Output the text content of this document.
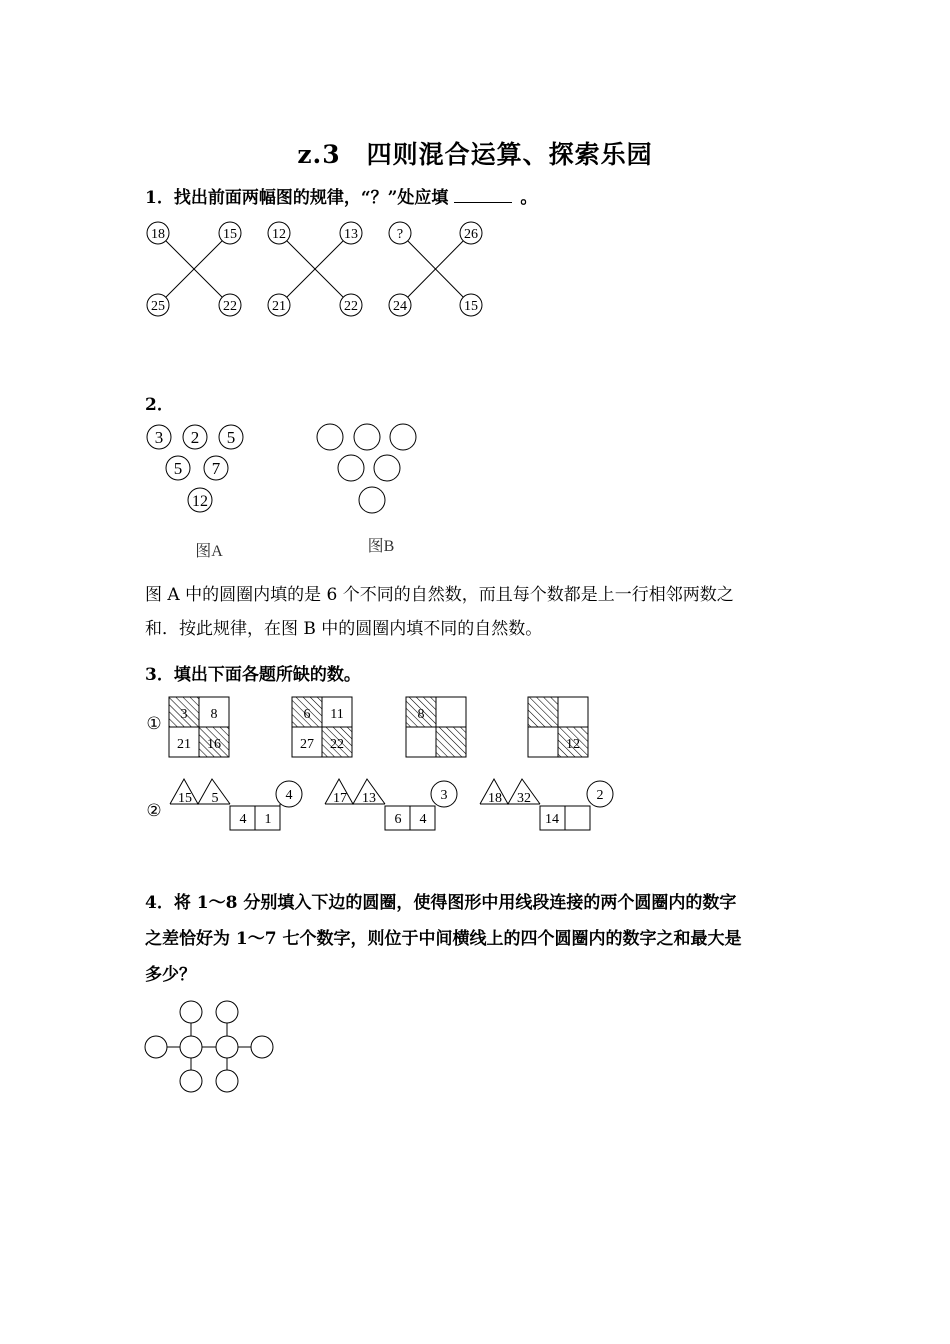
z.3　四则混合运算、探索乐园
1．找出前面两幅图的规律，“？”处应填	。
18	15
25	22
12	13
21	22
?	26
24	15
2．
3 2 5
5 7
12
图A	图B
图 A 中的圆圈内填的是 6 个不同的自然数，而且每个数都是上一行相邻两数之
和．按此规律，在图 B 中的圆圈内填不同的自然数。
3．填出下面各题所缺的数。
①
②
3 8
21 16
6 11
27 22
8
12
15 5
4 1
4	17 13
6 4
3	18 32
14
2
4．将 1～8 分别填入下边的圆圈，使得图形中用线段连接的两个圆圈内的数字
之差恰好为 1～7 七个数字，则位于中间横线上的四个圆圈内的数字之和最大是
多少？
